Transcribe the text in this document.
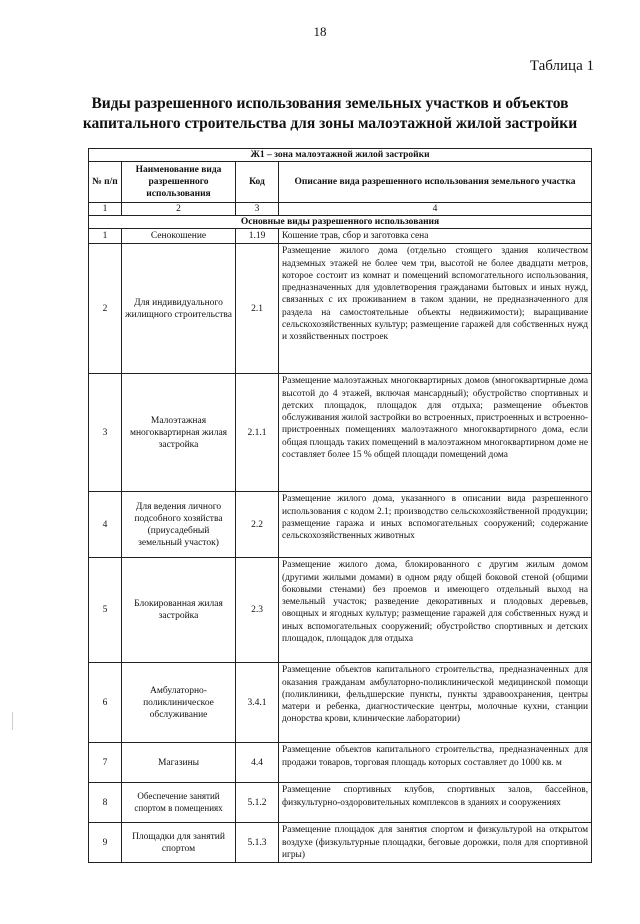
18
Таблица 1
Виды разрешенного использования земельных участков и объектов капитального строительства для зоны малоэтажной жилой застройки
Ж1 – зона малоэтажной жилой застройки			
№ п/п	Наименование вида разрешенного использования	Код	Описание вида разрешенного использования земельного участка
1	2	3	4
Основные виды разрешенного использования			
1	Сенокошение	1.19	Кошение трав, сбор и заготовка сена
2	Для индивидуального жилищного строительства	2.1	Размещение жилого дома (отдельно стоящего здания количеством надземных этажей не более чем три, высотой не более двадцати метров, которое состоит из комнат и помещений вспомогательного использования, предназначенных для удовлетворения гражданами бытовых и иных нужд, связанных с их проживанием в таком здании, не предназначенного для раздела на самостоятельные объекты недвижимости); выращивание сельскохозяйственных культур; размещение гаражей для собственных нужд и хозяйственных построек
3	Малоэтажная многоквартирная жилая застройка	2.1.1	Размещение малоэтажных многоквартирных домов (многоквартирные дома высотой до 4 этажей, включая мансардный); обустройство спортивных и детских площадок, площадок для отдыха; размещение объектов обслуживания жилой застройки во встроенных, пристроенных и встроенно-пристроенных помещениях малоэтажного многоквартирного дома, если общая площадь таких помещений в малоэтажном многоквартирном доме не составляет более 15 % общей площади помещений дома
4	Для ведения личного подсобного хозяйства (приусадебный земельный участок)	2.2	Размещение жилого дома, указанного в описании вида разрешенного использования с кодом 2.1; производство сельскохозяйственной продукции; размещение гаража и иных вспомогательных сооружений; содержание сельскохозяйственных животных
5	Блокированная жилая застройка	2.3	Размещение жилого дома, блокированного с другим жилым домом (другими жилыми домами) в одном ряду общей боковой стеной (общими боковыми стенами) без проемов и имеющего отдельный выход на земельный участок; разведение декоративных и плодовых деревьев, овощных и ягодных культур; размещение гаражей для собственных нужд и иных вспомогательных сооружений; обустройство спортивных и детских площадок, площадок для отдыха
6	Амбулаторно-поликлиническое обслуживание	3.4.1	Размещение объектов капитального строительства, предназначенных для оказания гражданам амбулаторно-поликлинической медицинской помощи (поликлиники, фельдшерские пункты, пункты здравоохранения, центры матери и ребенка, диагностические центры, молочные кухни, станции донорства крови, клинические лаборатории)
7	Магазины	4.4	Размещение объектов капитального строительства, предназначенных для продажи товаров, торговая площадь которых составляет до 1000 кв. м
8	Обеспечение занятий спортом в помещениях	5.1.2	Размещение спортивных клубов, спортивных залов, бассейнов, физкультурно-оздоровительных комплексов в зданиях и сооружениях
9	Площадки для занятий спортом	5.1.3	Размещение площадок для занятия спортом и физкультурой на открытом воздухе (физкультурные площадки, беговые дорожки, поля для спортивной игры)
